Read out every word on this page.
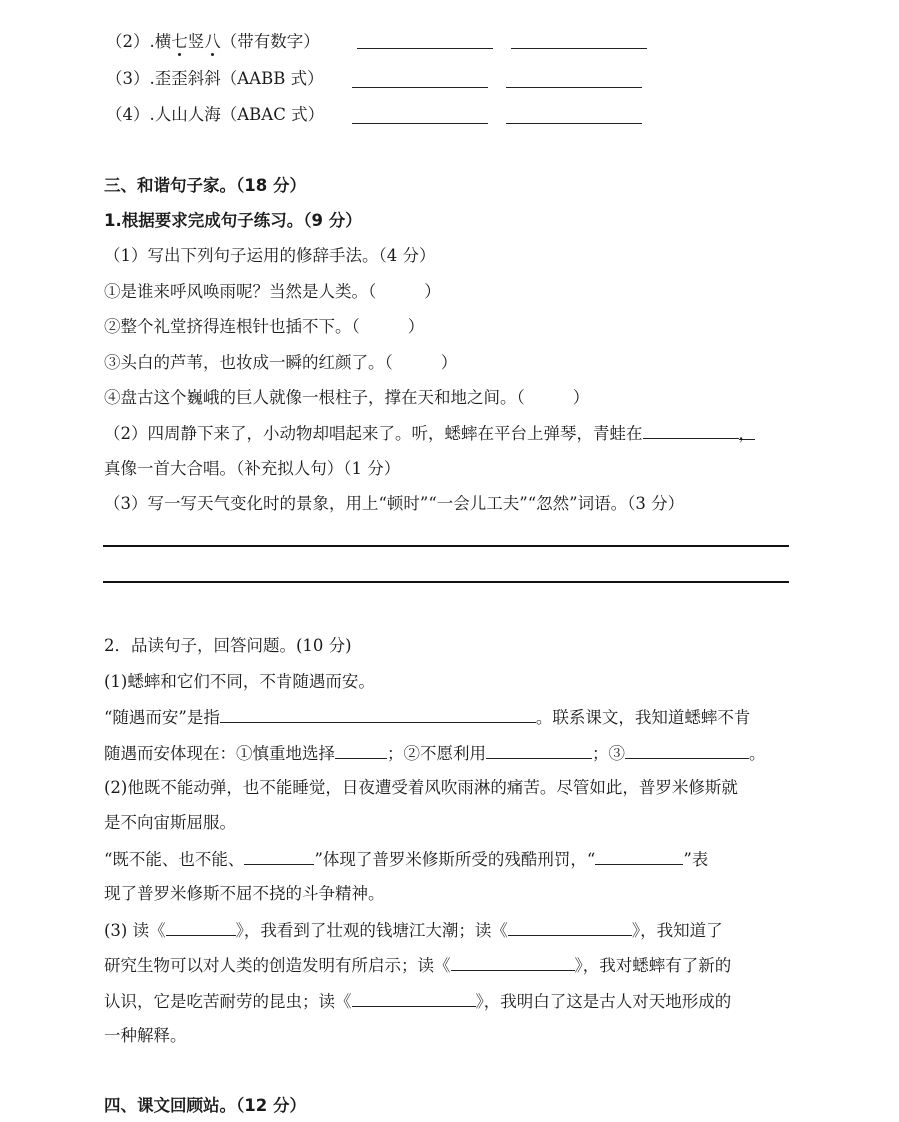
（2）.横七竖八（带有数字）
（3）.歪歪斜斜（AABB 式）
（4）.人山人海（ABAC 式）
三、和谐句子家。（18 分）
1.根据要求完成句子练习。（9 分）
（1）写出下列句子运用的修辞手法。（4 分）
①是谁来呼风唤雨呢？当然是人类。（	）
②整个礼堂挤得连根针也插不下。（	）
③头白的芦苇，也妆成一瞬的红颜了。（	）
④盘古这个巍峨的巨人就像一根柱子，撑在天和地之间。（	）
（2）四周静下来了，小动物却唱起来了。听，蟋蟀在平台上弹琴，青蛙在	，
真像一首大合唱。（补充拟人句）（1 分）
（3）写一写天气变化时的景象，用上“顿时”“一会儿工夫”“忽然”词语。（3 分）
2．品读句子，回答问题。(10 分)
(1)蟋蟀和它们不同，不肯随遇而安。
“随遇而安”是指	。联系课文，我知道蟋蟀不肯
随遇而安体现在：①慎重地选择	；②不愿利用	；③	。
(2)他既不能动弹，也不能睡觉，日夜遭受着风吹雨淋的痛苦。尽管如此，普罗米修斯就
是不向宙斯屈服。
“既不能、也不能、	”体现了普罗米修斯所受的残酷刑罚，“	”表
现了普罗米修斯不屈不挠的斗争精神。
(3) 读《	》，我看到了壮观的钱塘江大潮；读《	》，我知道了
研究生物可以对人类的创造发明有所启示；读《	》，我对蟋蟀有了新的
认识，它是吃苦耐劳的昆虫；读《	》，我明白了这是古人对天地形成的
一种解释。
四、课文回顾站。（12 分）
